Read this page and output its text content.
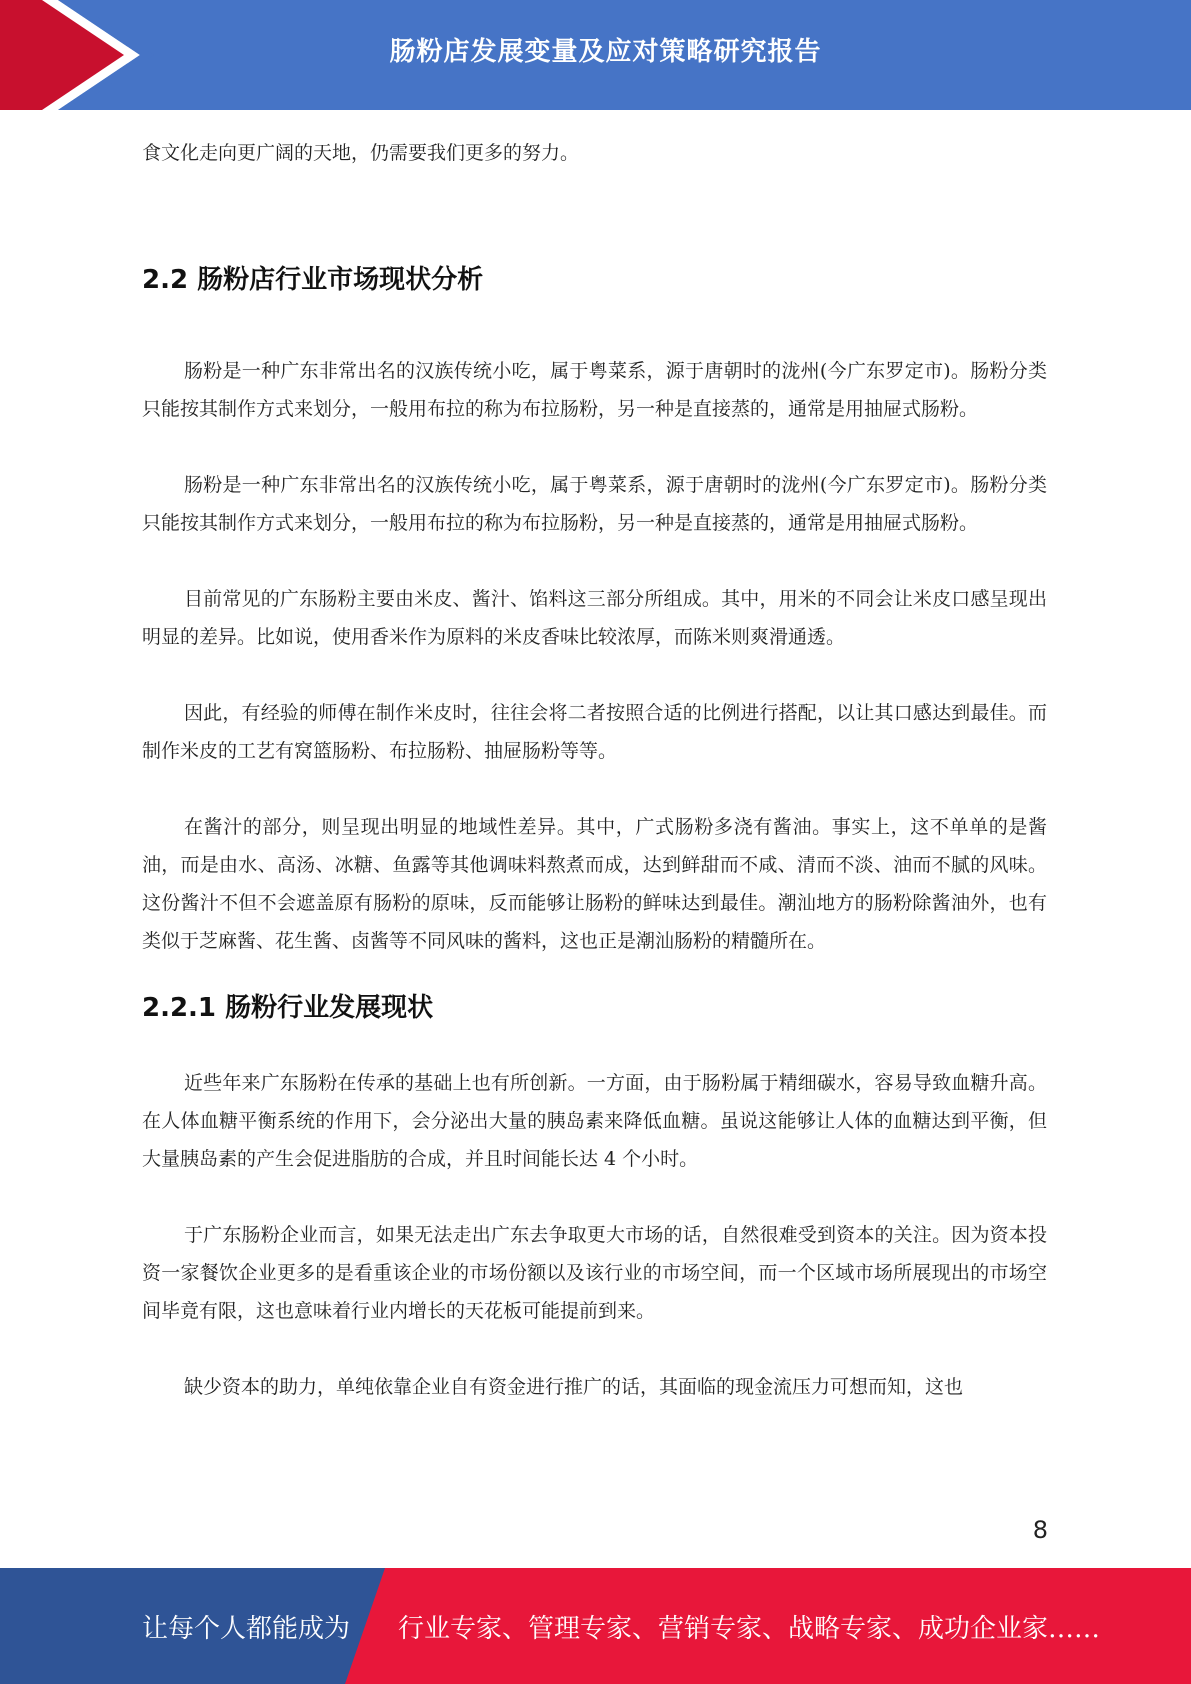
肠粉店发展变量及应对策略研究报告

食文化走向更广阔的天地，仍需要我们更多的努力。

2.2 肠粉店行业市场现状分析

肠粉是一种广东非常出名的汉族传统小吃，属于粤菜系，源于唐朝时的泷州(今广东罗定市)。肠粉分类只能按其制作方式来划分，一般用布拉的称为布拉肠粉，另一种是直接蒸的，通常是用抽屉式肠粉。

肠粉是一种广东非常出名的汉族传统小吃，属于粤菜系，源于唐朝时的泷州(今广东罗定市)。肠粉分类只能按其制作方式来划分，一般用布拉的称为布拉肠粉，另一种是直接蒸的，通常是用抽屉式肠粉。

目前常见的广东肠粉主要由米皮、酱汁、馅料这三部分所组成。其中，用米的不同会让米皮口感呈现出明显的差异。比如说，使用香米作为原料的米皮香味比较浓厚，而陈米则爽滑通透。

因此，有经验的师傅在制作米皮时，往往会将二者按照合适的比例进行搭配，以让其口感达到最佳。而制作米皮的工艺有窝篮肠粉、布拉肠粉、抽屉肠粉等等。

在酱汁的部分，则呈现出明显的地域性差异。其中，广式肠粉多浇有酱油。事实上，这不单单的是酱油，而是由水、高汤、冰糖、鱼露等其他调味料熬煮而成，达到鲜甜而不咸、清而不淡、油而不腻的风味。这份酱汁不但不会遮盖原有肠粉的原味，反而能够让肠粉的鲜味达到最佳。潮汕地方的肠粉除酱油外，也有类似于芝麻酱、花生酱、卤酱等不同风味的酱料，这也正是潮汕肠粉的精髓所在。

2.2.1 肠粉行业发展现状

近些年来广东肠粉在传承的基础上也有所创新。一方面，由于肠粉属于精细碳水，容易导致血糖升高。在人体血糖平衡系统的作用下，会分泌出大量的胰岛素来降低血糖。虽说这能够让人体的血糖达到平衡，但大量胰岛素的产生会促进脂肪的合成，并且时间能长达 4 个小时。

于广东肠粉企业而言，如果无法走出广东去争取更大市场的话，自然很难受到资本的关注。因为资本投资一家餐饮企业更多的是看重该企业的市场份额以及该行业的市场空间，而一个区域市场所展现出的市场空间毕竟有限，这也意味着行业内增长的天花板可能提前到来。

缺少资本的助力，单纯依靠企业自有资金进行推广的话，其面临的现金流压力可想而知，这也

8
让每个人都能成为 行业专家、管理专家、营销专家、战略专家、成功企业家……
